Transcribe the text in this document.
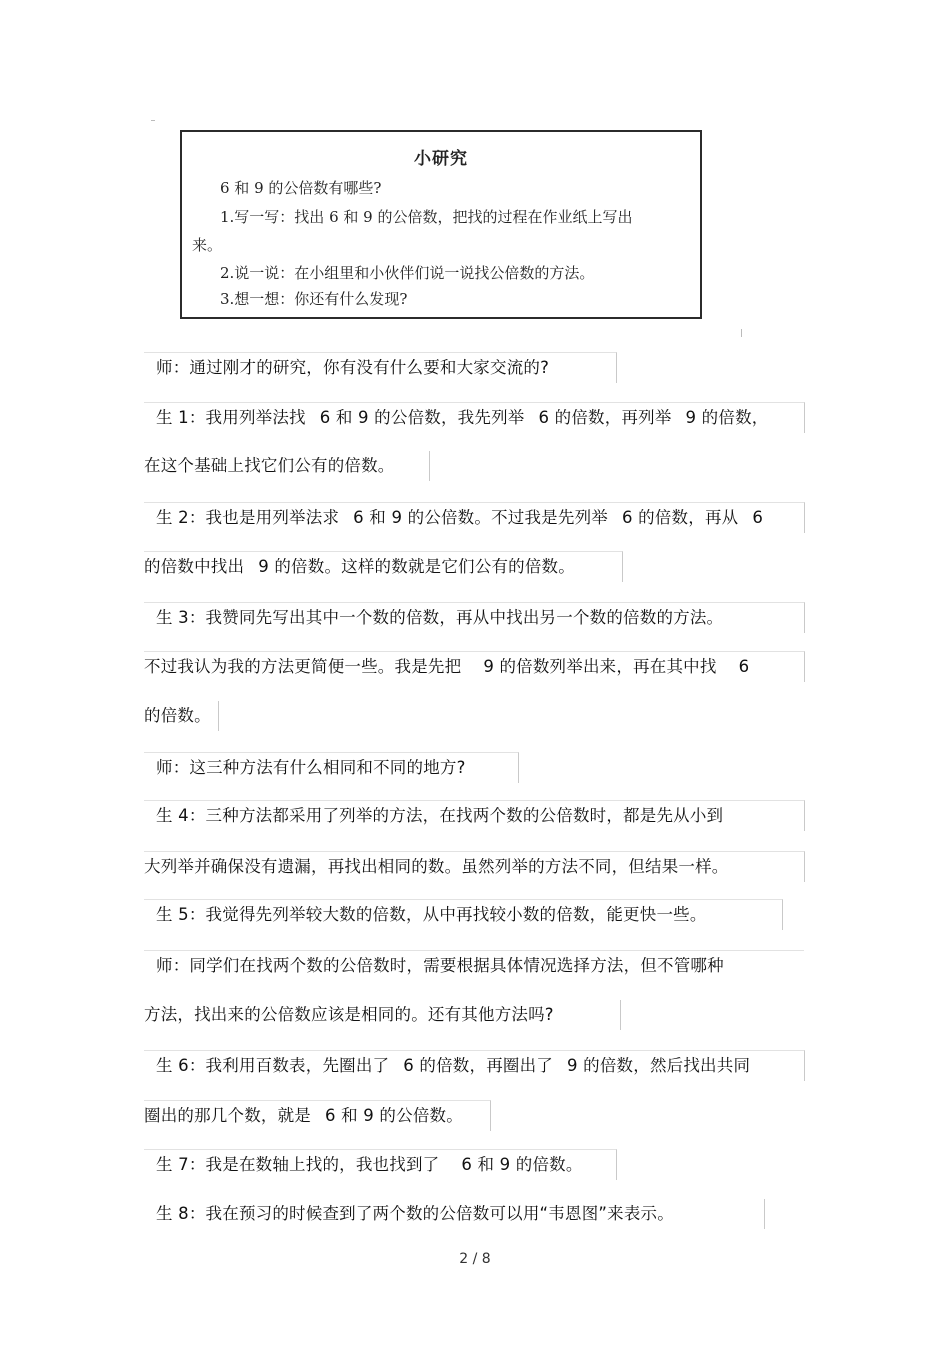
小研究
6 和 9 的公倍数有哪些?
1.写一写：找出 6 和 9 的公倍数，把找的过程在作业纸上写出
来。
2.说一说：在小组里和小伙伴们说一说找公倍数的方法。
3.想一想：你还有什么发现?
师：通过刚才的研究，你有没有什么要和大家交流的?
生 1：我用列举法找 6 和 9 的公倍数，我先列举 6 的倍数，再列举 9 的倍数，
在这个基础上找它们公有的倍数。
生 2：我也是用列举法求 6 和 9 的公倍数。不过我是先列举 6 的倍数，再从 6
的倍数中找出 9 的倍数。这样的数就是它们公有的倍数。
生 3：我赞同先写出其中一个数的倍数，再从中找出另一个数的倍数的方法。
不过我认为我的方法更简便一些。我是先把 9 的倍数列举出来，再在其中找 6
的倍数。
师：这三种方法有什么相同和不同的地方?
生 4：三种方法都采用了列举的方法，在找两个数的公倍数时，都是先从小到
大列举并确保没有遗漏，再找出相同的数。虽然列举的方法不同，但结果一样。
生 5：我觉得先列举较大数的倍数，从中再找较小数的倍数，能更快一些。
师：同学们在找两个数的公倍数时，需要根据具体情况选择方法，但不管哪种
方法，找出来的公倍数应该是相同的。还有其他方法吗?
生 6：我利用百数表，先圈出了 6 的倍数，再圈出了 9 的倍数，然后找出共同
圈出的那几个数，就是 6 和 9 的公倍数。
生 7：我是在数轴上找的，我也找到了 6 和 9 的倍数。
生 8：我在预习的时候查到了两个数的公倍数可以用“韦恩图”来表示。
2 / 8
